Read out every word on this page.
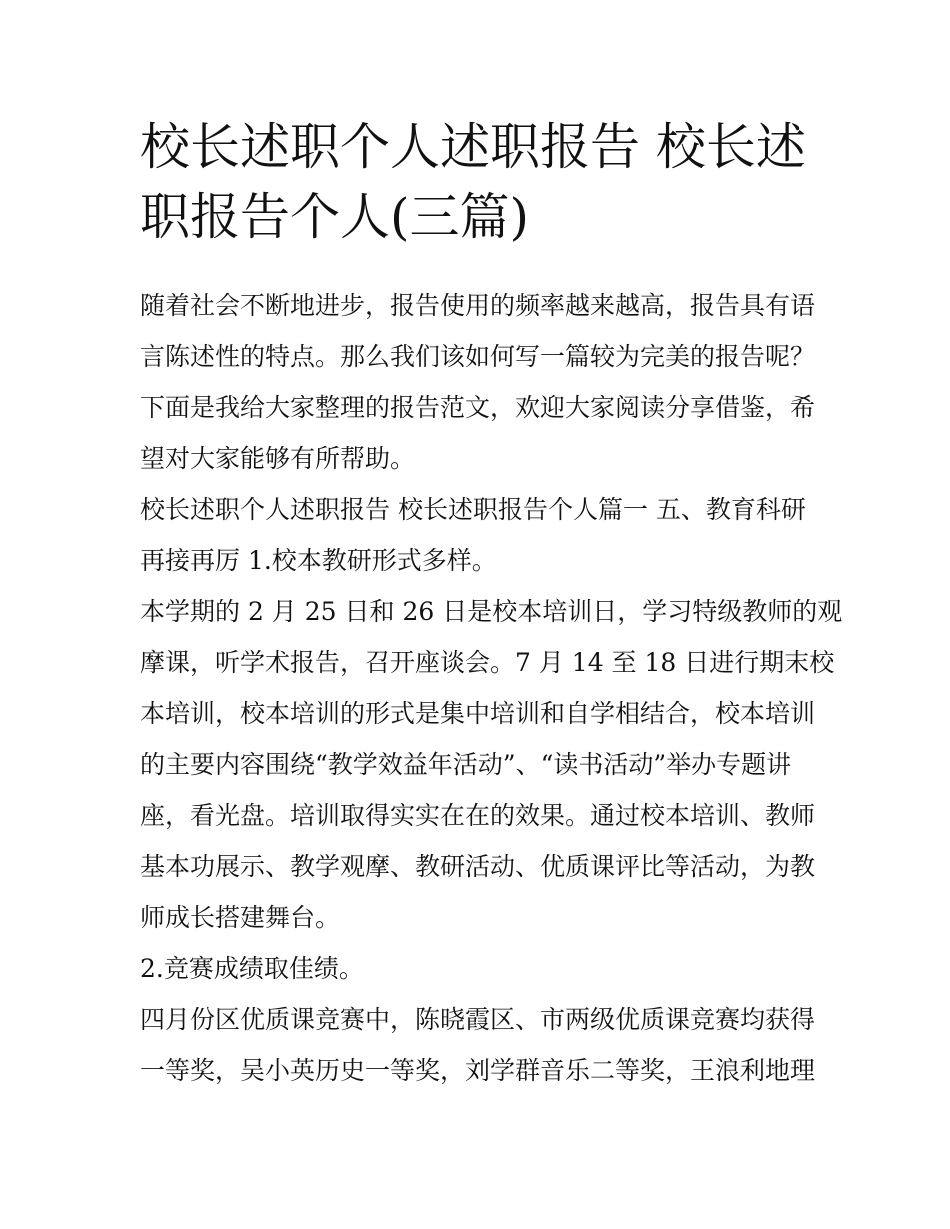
校长述职个人述职报告 校长述
职报告个人(三篇)

随着社会不断地进步，报告使用的频率越来越高，报告具有语
言陈述性的特点。那么我们该如何写一篇较为完美的报告呢？
下面是我给大家整理的报告范文，欢迎大家阅读分享借鉴，希
望对大家能够有所帮助。

校长述职个人述职报告 校长述职报告个人篇一 五、教育科研
再接再厉 1.校本教研形式多样。

本学期的 2 月 25 日和 26 日是校本培训日，学习特级教师的观
摩课，听学术报告，召开座谈会。7 月 14 至 18 日进行期末校
本培训，校本培训的形式是集中培训和自学相结合，校本培训
的主要内容围绕“教学效益年活动”、“读书活动”举办专题讲
座，看光盘。培训取得实实在在的效果。通过校本培训、教师
基本功展示、教学观摩、教研活动、优质课评比等活动，为教
师成长搭建舞台。

2.竞赛成绩取佳绩。

四月份区优质课竞赛中，陈晓霞区、市两级优质课竞赛均获得
一等奖，吴小英历史一等奖，刘学群音乐二等奖，王浪利地理
